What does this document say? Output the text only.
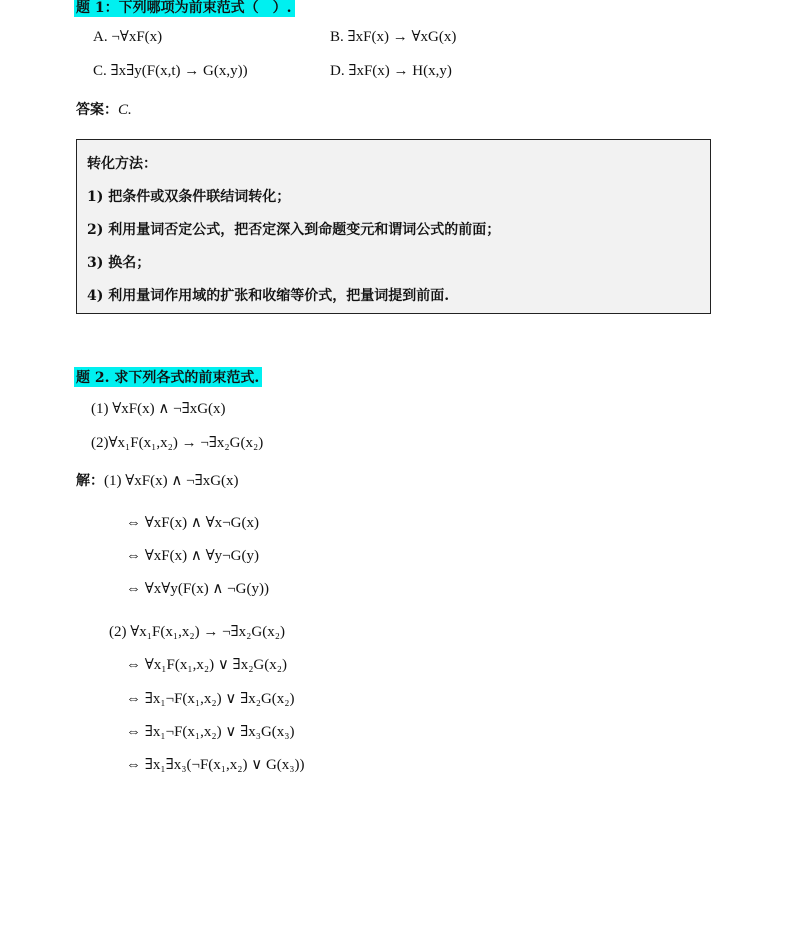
题 1：下列哪项为前束范式（　）.
A. ¬∀xF(x)	B. ∃xF(x) → ∀xG(x)
C. ∃x∃y(F(x,t) → G(x,y))	D. ∃xF(x) → H(x,y)
答案：C.
转化方法：
1) 把条件或双条件联结词转化；
2) 利用量词否定公式，把否定深入到命题变元和谓词公式的前面；
3) 换名；
4) 利用量词作用域的扩张和收缩等价式，把量词提到前面.
题 2. 求下列各式的前束范式.
(1) ∀xF(x) ∧ ¬∃xG(x)
(2)∀x₁F(x₁,x₂) → ¬∃x₂G(x₂)
解：(1) ∀xF(x) ∧ ¬∃xG(x)
⇔ ∀xF(x) ∧ ∀x¬G(x)
⇔ ∀xF(x) ∧ ∀y¬G(y)
⇔ ∀x∀y(F(x) ∧ ¬G(y))
(2) ∀x₁F(x₁,x₂) → ¬∃x₂G(x₂)
⇔ ∀x₁F(x₁,x₂) ∨ ∃x₂G(x₂)
⇔ ∃x₁¬F(x₁,x₂) ∨ ∃x₂G(x₂)
⇔ ∃x₁¬F(x₁,x₂) ∨ ∃x₃G(x₃)
⇔ ∃x₁∃x₃(¬F(x₁,x₂) ∨ G(x₃))
